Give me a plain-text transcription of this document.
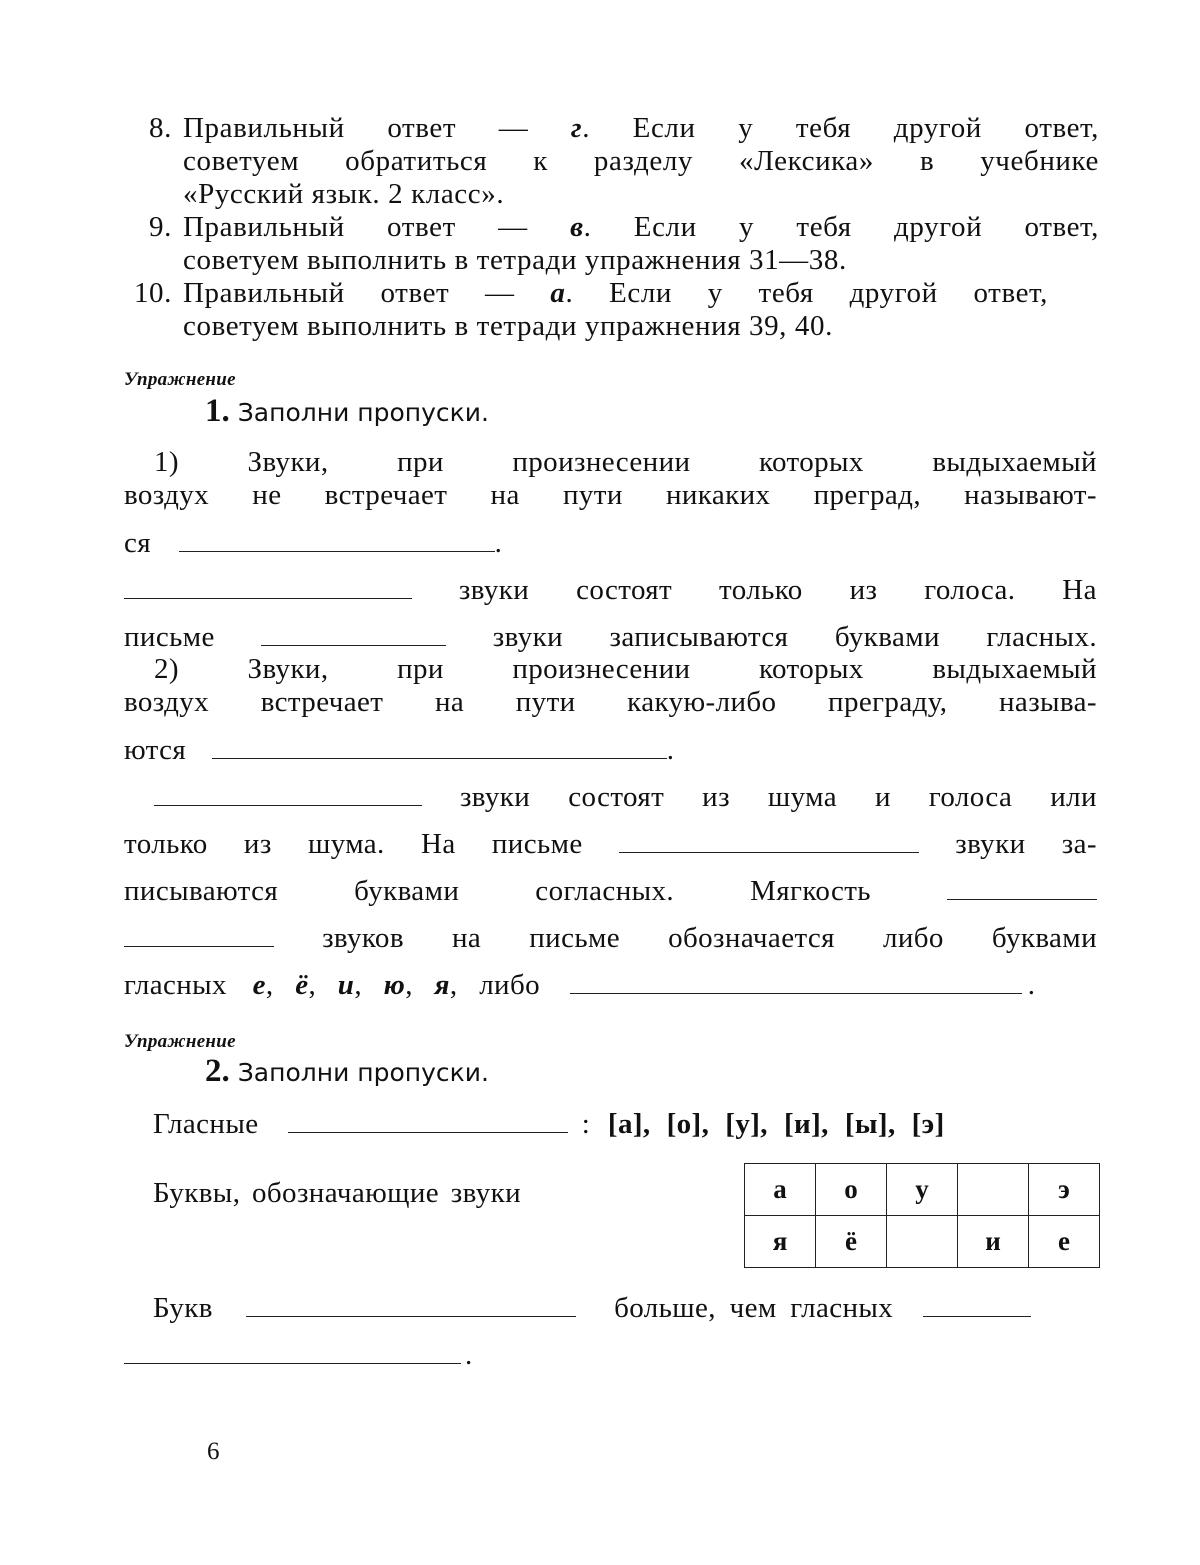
8. Правильный ответ — г. Если у тебя другой ответ,
советуем обратиться к разделу «Лексика» в учебнике
«Русский язык. 2 класс».
9. Правильный ответ — в. Если у тебя другой ответ,
советуем выполнить в тетради упражнения 31—38.
10. Правильный ответ — а. Если у тебя другой ответ,
советуем выполнить в тетради упражнения 39, 40.
Упражнение
1. Заполни пропуски.
1) Звуки, при произнесении которых выдыхаемый
воздух не встречает на пути никаких преград, называют-
ся	.
звуки состоят только из голоса. На
письме	звуки записываются буквами гласных.
2) Звуки, при произнесении которых выдыхаемый
воздух встречает на пути какую-либо преграду, называ-
ются	.
звуки состоят из шума и голоса или
только из шума. На письме	звуки за-
писываются	буквами	согласных.	Мягкость
звуков на письме обозначается либо буквами
гласных е, ё, и, ю, я, либо	.
Упражнение
2. Заполни пропуски.
Гласные	: [а], [о], [у], [и], [ы], [э]
Буквы, обозначающие звуки	а	о	у		э
я	ё		и	е
Букв	больше, чем гласных
.
6
